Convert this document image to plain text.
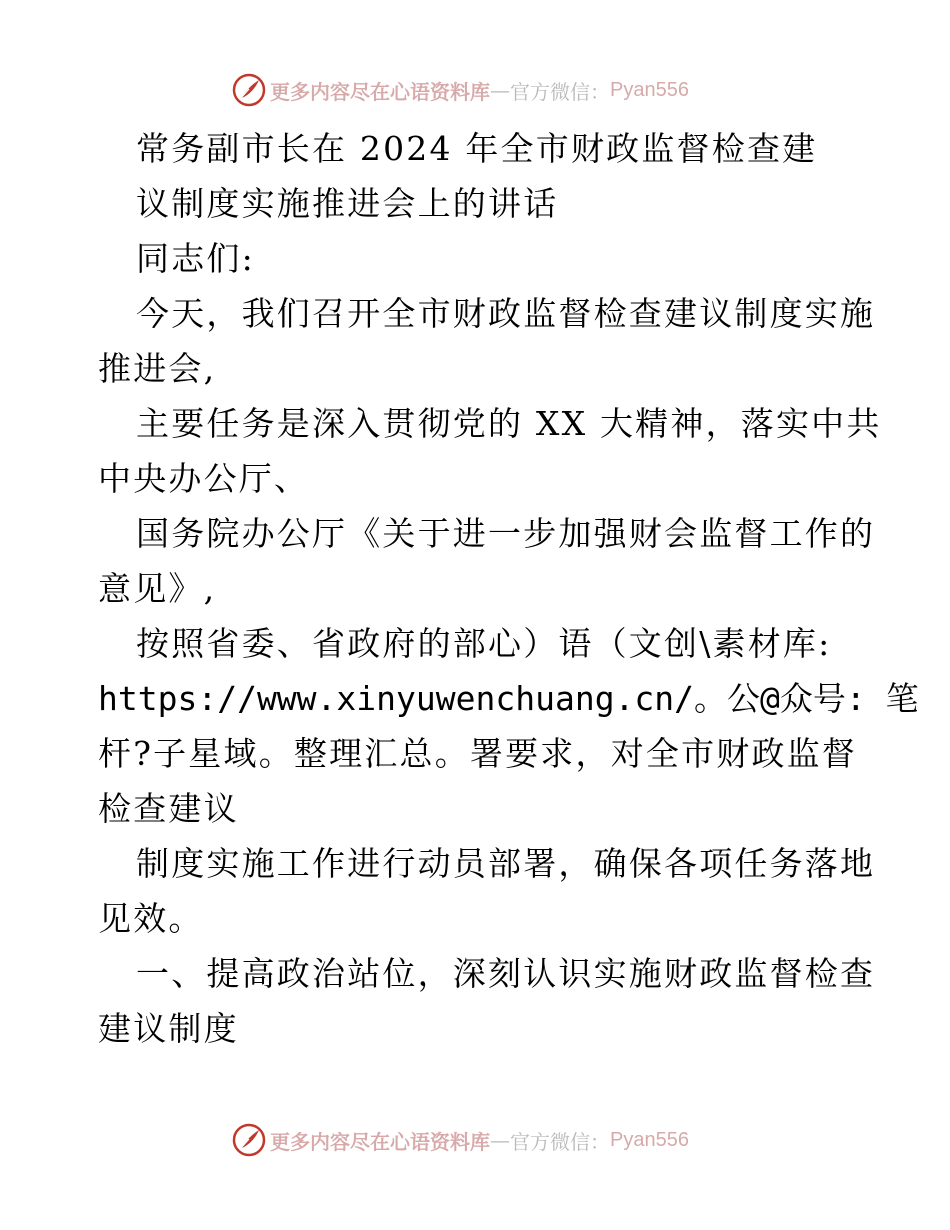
更多内容尽在心语资料库 — 官方微信： Pyan556
常务副市长在 2024 年全市财政监督检查建
议制度实施推进会上的讲话
同志们:
今天，我们召开全市财政监督检查建议制度实施
推进会,
主要任务是深入贯彻党的 XX 大精神，落实中共
中央办公厅、
国务院办公厅《关于进一步加强财会监督工作的
意见》,
按照省委、省政府的部心）语（文创\素材库:
https://www.xinyuwenchuang.cn/。公@众号: 笔
杆?子星域。整理汇总。署要求，对全市财政监督
检查建议
制度实施工作进行动员部署，确保各项任务落地
见效。
一、提高政治站位，深刻认识实施财政监督检查
建议制度
更多内容尽在心语资料库 — 官方微信： Pyan556
